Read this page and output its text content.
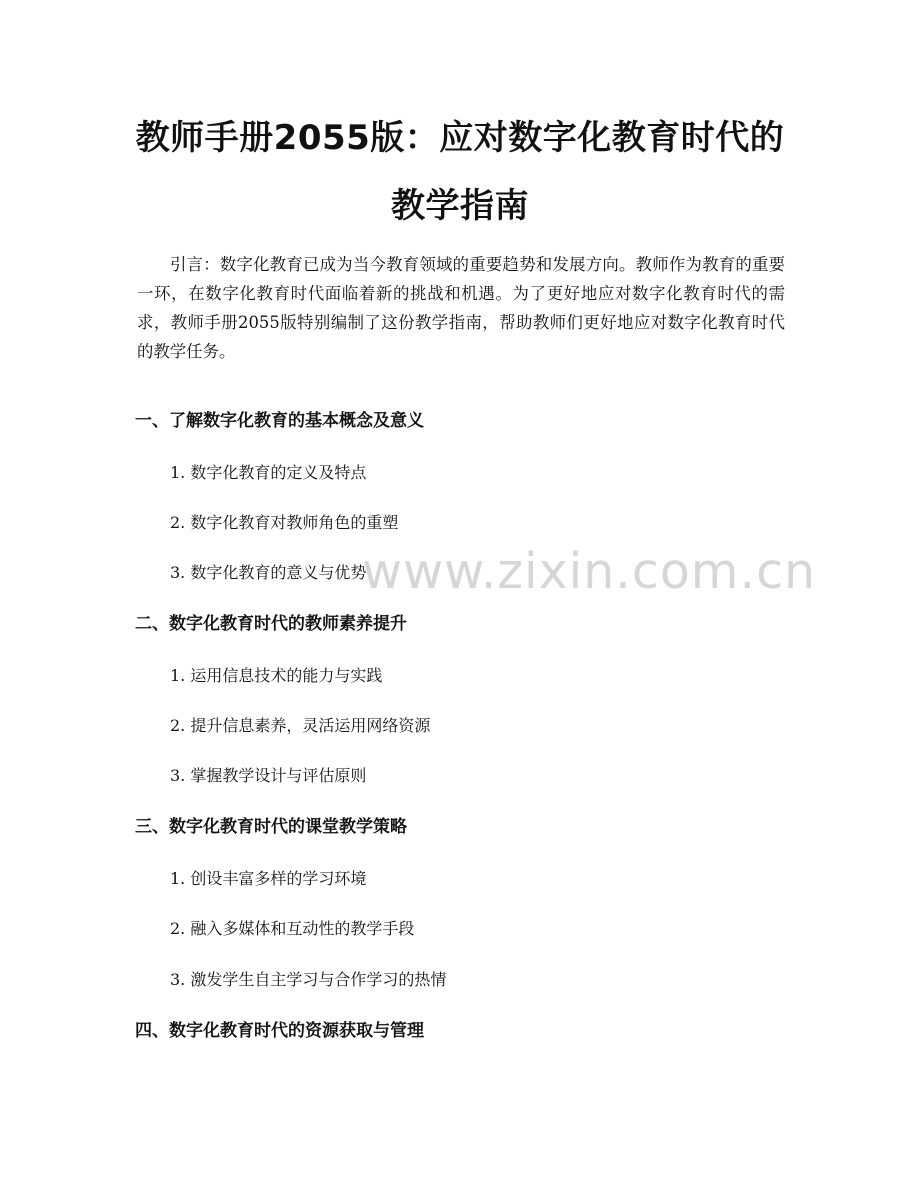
教师手册2055版：应对数字化教育时代的教学指南

引言：数字化教育已成为当今教育领域的重要趋势和发展方向。教师作为教育的重要一环，在数字化教育时代面临着新的挑战和机遇。为了更好地应对数字化教育时代的需求，教师手册2055版特别编制了这份教学指南，帮助教师们更好地应对数字化教育时代的教学任务。

一、了解数字化教育的基本概念及意义

1. 数字化教育的定义及特点

2. 数字化教育对教师角色的重塑

3. 数字化教育的意义与优势

二、数字化教育时代的教师素养提升

1. 运用信息技术的能力与实践

2. 提升信息素养，灵活运用网络资源

3. 掌握教学设计与评估原则

三、数字化教育时代的课堂教学策略

1. 创设丰富多样的学习环境

2. 融入多媒体和互动性的教学手段

3. 激发学生自主学习与合作学习的热情

四、数字化教育时代的资源获取与管理
www.zixin.com.cn
